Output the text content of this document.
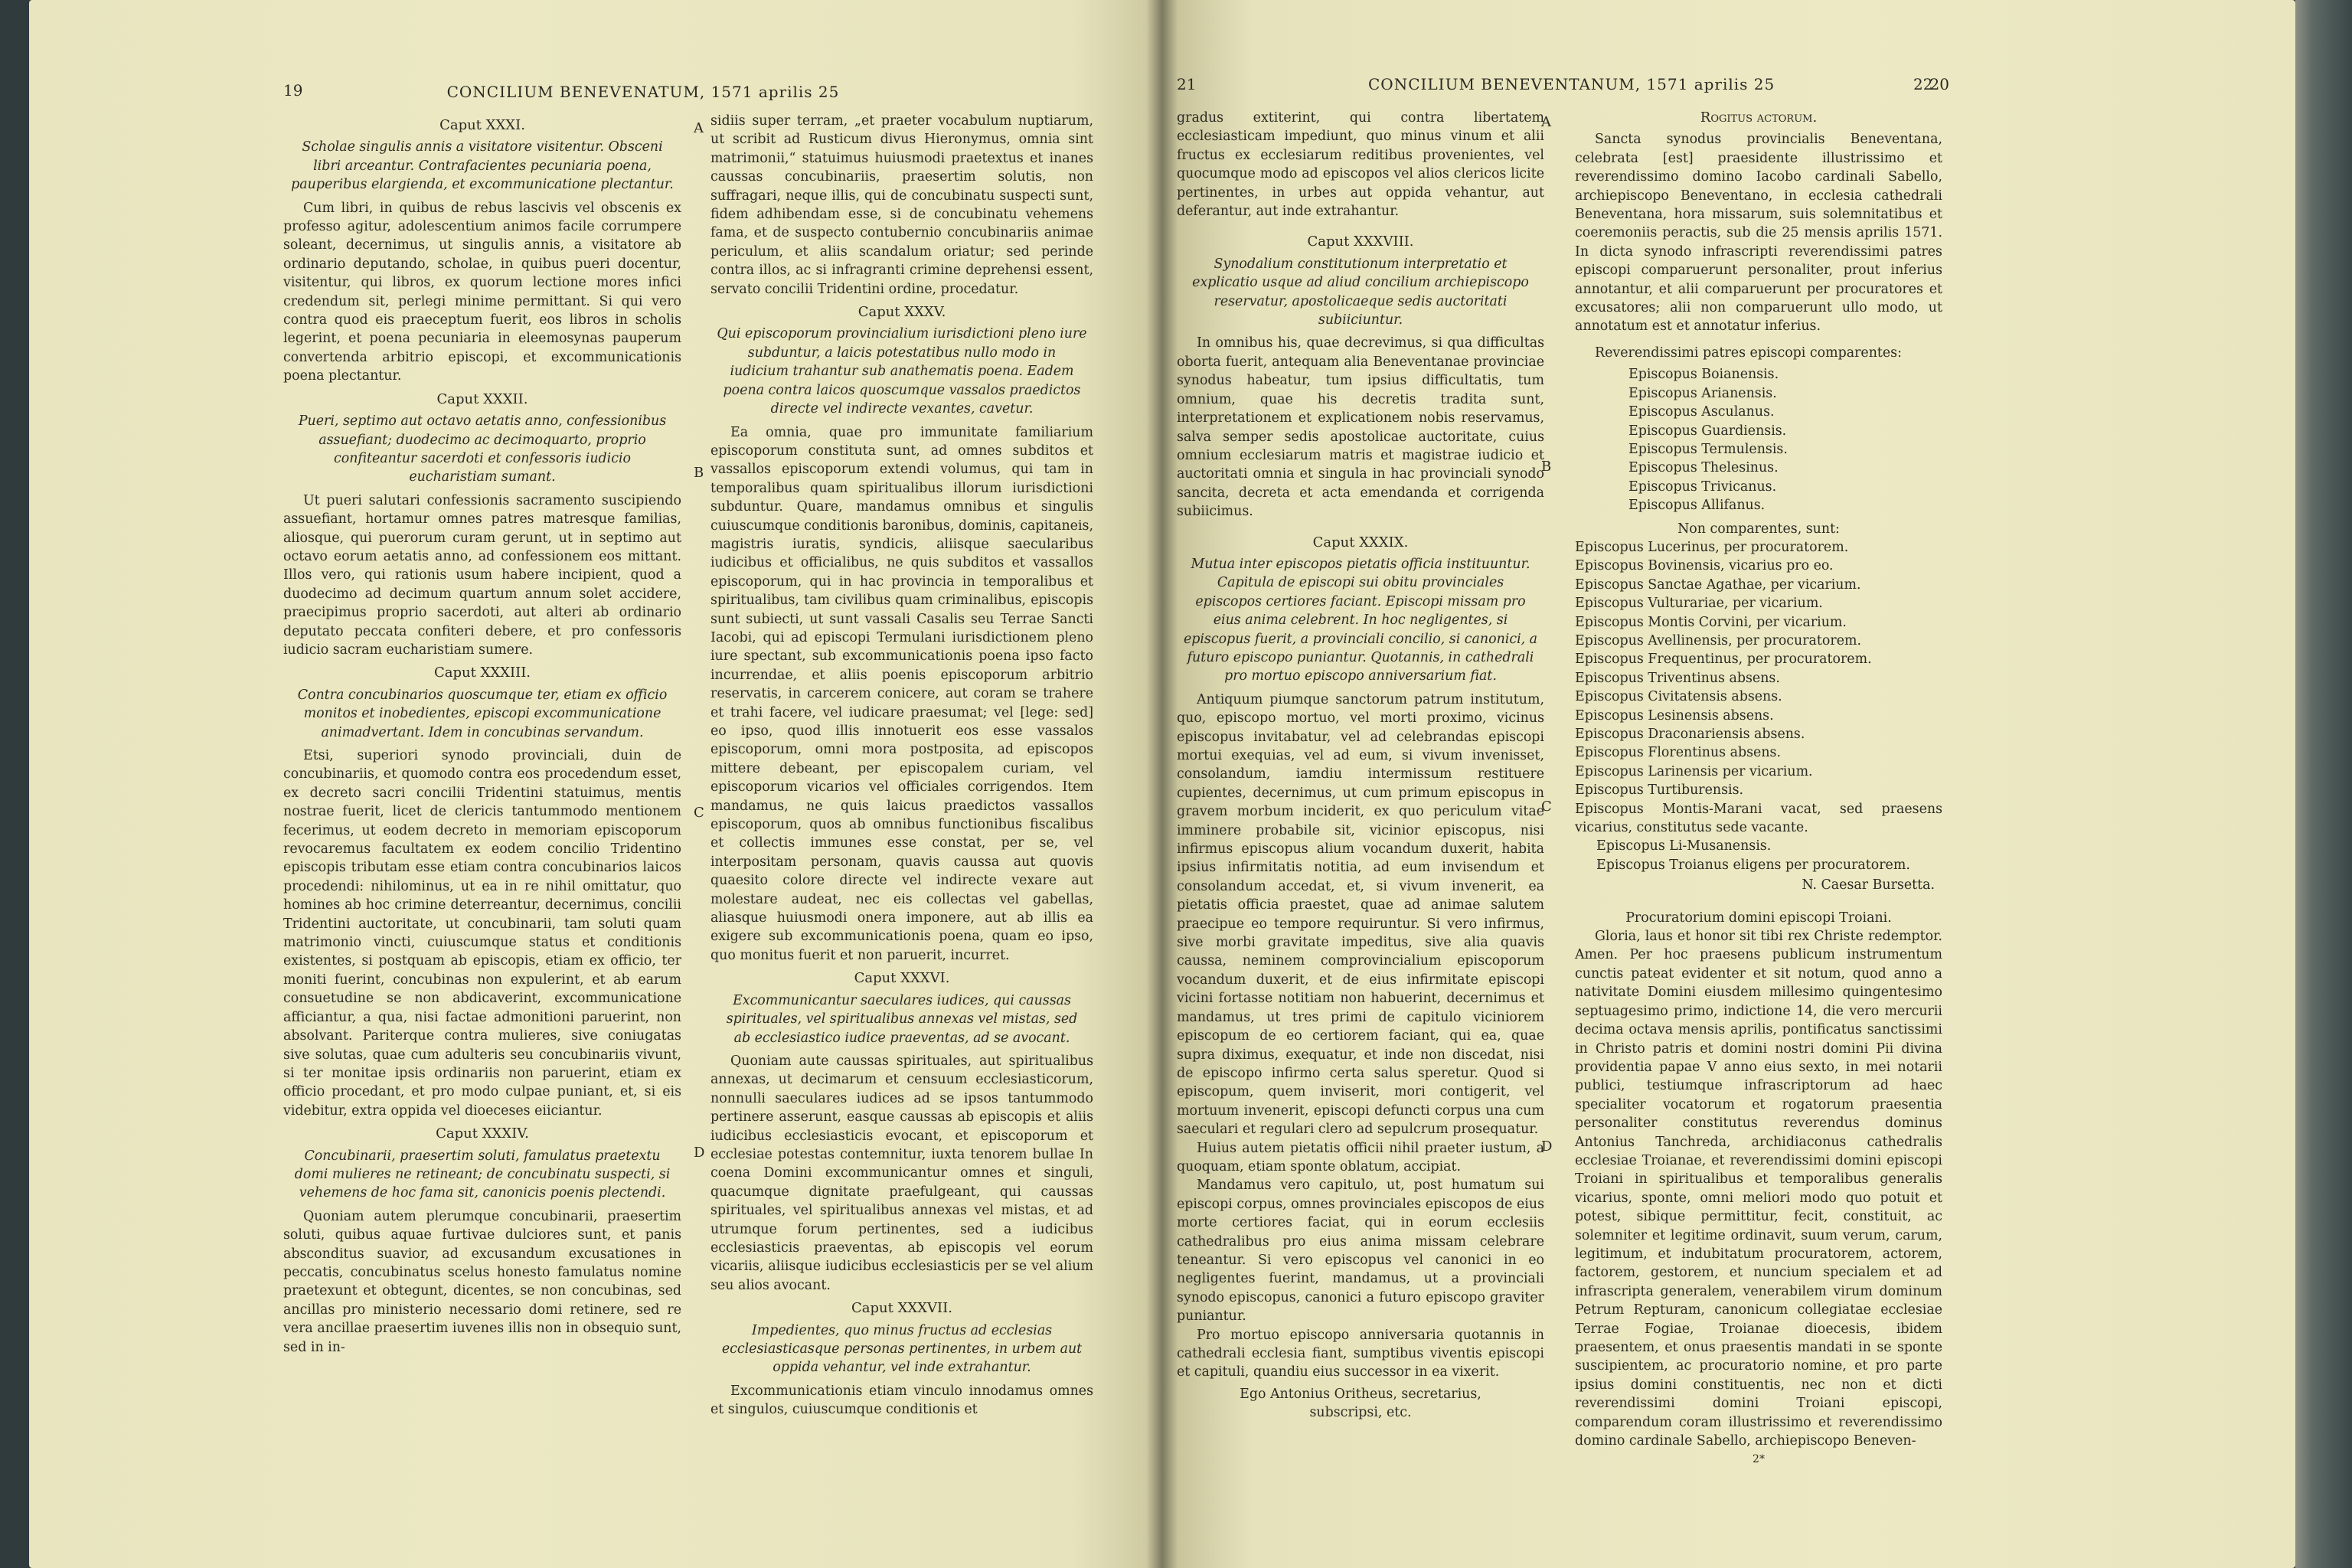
19	CONCILIUM BENEVENATUM, 1571 aprilis 25	20
Caput XXXI.
Scholae singulis annis a visitatore visitentur. Obsceni libri arceantur. Contrafacientes pecuniaria poena, pauperibus elargienda, et excommunicatione plectantur.

Cum libri, in quibus de rebus lascivis vel obscenis ex professo agitur, adolescentium animos facile corrumpere soleant, decernimus, ut singulis annis, a visitatore ab ordinario deputando, scholae, in quibus pueri docentur, visitentur, qui libros, ex quorum lectione mores infici credendum sit, perlegi minime permittant. Si qui vero contra quod eis praeceptum fuerit, eos libros in scholis legerint, et poena pecuniaria in eleemosynas pauperum convertenda arbitrio episcopi, et excommunicationis poena plectantur.

Caput XXXII.
Pueri, septimo aut octavo aetatis anno, confessionibus assuefiant; duodecimo ac decimoquarto, proprio confiteantur sacerdoti et confessoris iudicio eucharistiam sumant.

Ut pueri salutari confessionis sacramento suscipiendo assuefiant, hortamur omnes patres matresque familias, aliosque, qui puerorum curam gerunt, ut in septimo aut octavo eorum aetatis anno, ad confessionem eos mittant. Illos vero, qui rationis usum habere incipient, quod a duodecimo ad decimum quartum annum solet accidere, praecipimus proprio sacerdoti, aut alteri ab ordinario deputato peccata confiteri debere, et pro confessoris iudicio sacram eucharistiam sumere.

Caput XXXIII.
Contra concubinarios quoscumque ter, etiam ex officio monitos et inobedientes, episcopi excommunicatione animadvertant. Idem in concubinas servandum.

Etsi, superiori synodo provinciali, duin de concubinariis, et quomodo contra eos procedendum esset, ex decreto sacri concilii Tridentini statuimus, mentis nostrae fuerit, licet de clericis tantummodo mentionem fecerimus, ut eodem decreto in memoriam episcoporum revocaremus facultatem ex eodem concilio Tridentino episcopis tributam esse etiam contra concubinarios laicos procedendi: nihilominus, ut ea in re nihil omittatur, quo homines ab hoc crimine deterreantur, decernimus, concilii Tridentini auctoritate, ut concubinarii, tam soluti quam matrimonio vincti, cuiuscumque status et conditionis existentes, si postquam ab episcopis, etiam ex officio, ter moniti fuerint, concubinas non expulerint, et ab earum consuetudine se non abdicaverint, excommunicatione afficiantur, a qua, nisi factae admonitioni paruerint, non absolvant. Pariterque contra mulieres, sive coniugatas sive solutas, quae cum adulteris seu concubinariis vivunt, si ter monitae ipsis ordinariis non paruerint, etiam ex officio procedant, et pro modo culpae puniant, et, si eis videbitur, extra oppida vel dioeceses eiiciantur.

Caput XXXIV.
Concubinarii, praesertim soluti, famulatus praetextu domi mulieres ne retineant; de concubinatu suspecti, si vehemens de hoc fama sit, canonicis poenis plectendi.

Quoniam autem plerumque concubinarii, praesertim soluti, quibus aquae furtivae dulciores sunt, et panis absconditus suavior, ad excusandum excusationes in peccatis, concubinatus scelus honesto famulatus nomine praetexunt et obtegunt, dicentes, se non concubinas, sed ancillas pro ministerio necessario domi retinere, sed re vera ancillae praesertim iuvenes illis non in obsequio sunt, sed in in-

A
B
C
D

sidiis super terram, „et praeter vocabulum nuptiarum, ut scribit ad Rusticum divus Hieronymus, omnia sint matrimonii,“ statuimus huiusmodi praetextus et inanes caussas concubinariis, praesertim solutis, non suffragari, neque illis, qui de concubinatu suspecti sunt, fidem adhibendam esse, si de concubinatu vehemens fama, et de suspecto contubernio concubinariis animae periculum, et aliis scandalum oriatur; sed perinde contra illos, ac si infragranti crimine deprehensi essent, servato concilii Tridentini ordine, procedatur.

Caput XXXV.
Qui episcoporum provincialium iurisdictioni pleno iure subduntur, a laicis potestatibus nullo modo in iudicium trahantur sub anathematis poena. Eadem poena contra laicos quoscumque vassalos praedictos directe vel indirecte vexantes, cavetur.

Ea omnia, quae pro immunitate familiarium episcoporum constituta sunt, ad omnes subditos et vassallos episcoporum extendi volumus, qui tam in temporalibus quam spiritualibus illorum iurisdictioni subduntur. Quare, mandamus omnibus et singulis cuiuscumque conditionis baronibus, dominis, capitaneis, magistris iuratis, syndicis, aliisque saecularibus iudicibus et officialibus, ne quis subditos et vassallos episcoporum, qui in hac provincia in temporalibus et spiritualibus, tam civilibus quam criminalibus, episcopis sunt subiecti, ut sunt vassali Casalis seu Terrae Sancti Iacobi, qui ad episcopi Termulani iurisdictionem pleno iure spectant, sub excommunicationis poena ipso facto incurrendae, et aliis poenis episcoporum arbitrio reservatis, in carcerem conicere, aut coram se trahere et trahi facere, vel iudicare praesumat; vel [lege: sed] eo ipso, quod illis innotuerit eos esse vassalos episcoporum, omni mora postposita, ad episcopos mittere debeant, per episcopalem curiam, vel episcoporum vicarios vel officiales corrigendos. Item mandamus, ne quis laicus praedictos vassallos episcoporum, quos ab omnibus functionibus fiscalibus et collectis immunes esse constat, per se, vel interpositam personam, quavis caussa aut quovis quaesito colore directe vel indirecte vexare aut molestare audeat, nec eis collectas vel gabellas, aliasque huiusmodi onera imponere, aut ab illis ea exigere sub excommunicationis poena, quam eo ipso, quo monitus fuerit et non paruerit, incurret.

Caput XXXVI.
Excommunicantur saeculares iudices, qui caussas spirituales, vel spiritualibus annexas vel mistas, sed ab ecclesiastico iudice praeventas, ad se avocant.

Quoniam aute caussas spirituales, aut spiritualibus annexas, ut decimarum et censuum ecclesiasticorum, nonnulli saeculares iudices ad se ipsos tantummodo pertinere asserunt, easque caussas ab episcopis et aliis iudicibus ecclesiasticis evocant, et episcoporum et ecclesiae potestas contemnitur, iuxta tenorem bullae In coena Domini excommunicantur omnes et singuli, quacumque dignitate praefulgeant, qui caussas spirituales, vel spiritualibus annexas vel mistas, et ad utrumque forum pertinentes, sed a iudicibus ecclesiasticis praeventas, ab episcopis vel eorum vicariis, aliisque iudicibus ecclesiasticis per se vel alium seu alios avocant.

Caput XXXVII.
Impedientes, quo minus fructus ad ecclesias ecclesiasticasque personas pertinentes, in urbem aut oppida vehantur, vel inde extrahantur.

Excommunicationis etiam vinculo innodamus omnes et singulos, cuiuscumque conditionis et

21	CONCILIUM BENEVENTANUM, 1571 aprilis 25	22

gradus extiterint, qui contra libertatem ecclesiasticam impediunt, quo minus vinum et alii fructus ex ecclesiarum reditibus provenientes, vel quocumque modo ad episcopos vel alios clericos licite pertinentes, in urbes aut oppida vehantur, aut deferantur, aut inde extrahantur.

Caput XXXVIII.
Synodalium constitutionum interpretatio et explicatio usque ad aliud concilium archiepiscopo reservatur, apostolicaeque sedis auctoritati subiiciuntur.

In omnibus his, quae decrevimus, si qua difficultas oborta fuerit, antequam alia Beneventanae provinciae synodus habeatur, tum ipsius difficultatis, tum omnium, quae his decretis tradita sunt, interpretationem et explicationem nobis reservamus, salva semper sedis apostolicae auctoritate, cuius omnium ecclesiarum matris et magistrae iudicio et auctoritati omnia et singula in hac provinciali synodo sancita, decreta et acta emendanda et corrigenda subiicimus.

Caput XXXIX.
Mutua inter episcopos pietatis officia instituuntur. Capitula de episcopi sui obitu provinciales episcopos certiores faciant. Episcopi missam pro eius anima celebrent. In hoc negligentes, si episcopus fuerit, a provinciali concilio, si canonici, a futuro episcopo puniantur. Quotannis, in cathedrali pro mortuo episcopo anniversarium fiat.

Antiquum piumque sanctorum patrum institutum, quo, episcopo mortuo, vel morti proximo, vicinus episcopus invitabatur, vel ad celebrandas episcopi mortui exequias, vel ad eum, si vivum invenisset, consolandum, iamdiu intermissum restituere cupientes, decernimus, ut cum primum episcopus in gravem morbum inciderit, ex quo periculum vitae imminere probabile sit, vicinior episcopus, nisi infirmus episcopus alium vocandum duxerit, habita ipsius infirmitatis notitia, ad eum invisendum et consolandum accedat, et, si vivum invenerit, ea pietatis officia praestet, quae ad animae salutem praecipue eo tempore requiruntur. Si vero infirmus, sive morbi gravitate impeditus, sive alia quavis caussa, neminem comprovincialium episcoporum vocandum duxerit, et de eius infirmitate episcopi vicini fortasse notitiam non habuerint, decernimus et mandamus, ut tres primi de capitulo viciniorem episcopum de eo certiorem faciant, qui ea, quae supra diximus, exequatur, et inde non discedat, nisi de episcopo infirmo certa salus speretur. Quod si episcopum, quem inviserit, mori contigerit, vel mortuum invenerit, episcopi defuncti corpus una cum saeculari et regulari clero ad sepulcrum prosequatur.

Huius autem pietatis officii nihil praeter iustum, a quoquam, etiam sponte oblatum, accipiat.

Mandamus vero capitulo, ut, post humatum sui episcopi corpus, omnes provinciales episcopos de eius morte certiores faciat, qui in eorum ecclesiis cathedralibus pro eius anima missam celebrare teneantur. Si vero episcopus vel canonici in eo negligentes fuerint, mandamus, ut a provinciali synodo episcopus, canonici a futuro episcopo graviter puniantur.

Pro mortuo episcopo anniversaria quotannis in cathedrali ecclesia fiant, sumptibus viventis episcopi et capituli, quandiu eius successor in ea vixerit.

Ego Antonius Oritheus, secretarius,
subscripsi, etc.
A
B
C
D
Rogitus actorum.

Sancta synodus provincialis Beneventana, celebrata [est] praesidente illustrissimo et reverendissimo domino Iacobo cardinali Sabello, archiepiscopo Beneventano, in ecclesia cathedrali Beneventana, hora missarum, suis solemnitatibus et coeremoniis peractis, sub die 25 mensis aprilis 1571. In dicta synodo infrascripti reverendissimi patres episcopi comparuerunt personaliter, prout inferius annotantur, et alii comparuerunt per procuratores et excusatores; alii non comparuerunt ullo modo, ut annotatum est et annotatur inferius.

Reverendissimi patres episcopi comparentes:

Episcopus Boianensis.
Episcopus Arianensis.
Episcopus Asculanus.
Episcopus Guardiensis.
Episcopus Termulensis.
Episcopus Thelesinus.
Episcopus Trivicanus.
Episcopus Allifanus.
Non comparentes, sunt:
Episcopus Lucerinus, per procuratorem.
Episcopus Bovinensis, vicarius pro eo.
Episcopus Sanctae Agathae, per vicarium.
Episcopus Vulturariae, per vicarium.
Episcopus Montis Corvini, per vicarium.
Episcopus Avellinensis, per procuratorem.
Episcopus Frequentinus, per procuratorem.
Episcopus Triventinus absens.
Episcopus Civitatensis absens.
Episcopus Lesinensis absens.
Episcopus Draconariensis absens.
Episcopus Florentinus absens.
Episcopus Larinensis per vicarium.
Episcopus Turtiburensis.
Episcopus Montis-Marani vacat, sed praesens vicarius, constitutus sede vacante.
Episcopus Li-Musanensis.
Episcopus Troianus eligens per procuratorem.
N. Caesar Bursetta.
Procuratorium domini episcopi Troiani.

Gloria, laus et honor sit tibi rex Christe redemptor. Amen. Per hoc praesens publicum instrumentum cunctis pateat evidenter et sit notum, quod anno a nativitate Domini eiusdem millesimo quingentesimo septuagesimo primo, indictione 14, die vero mercurii decima octava mensis aprilis, pontificatus sanctissimi in Christo patris et domini nostri domini Pii divina providentia papae V anno eius sexto, in mei notarii publici, testiumque infrascriptorum ad haec specialiter vocatorum et rogatorum praesentia personaliter constitutus reverendus dominus Antonius Tanchreda, archidiaconus cathedralis ecclesiae Troianae, et reverendissimi domini episcopi Troiani in spiritualibus et temporalibus generalis vicarius, sponte, omni meliori modo quo potuit et potest, sibique permittitur, fecit, constituit, ac solemniter et legitime ordinavit, suum verum, carum, legitimum, et indubitatum procuratorem, actorem, factorem, gestorem, et nuncium specialem et ad infrascripta generalem, venerabilem virum dominum Petrum Repturam, canonicum collegiatae ecclesiae Terrae Fogiae, Troianae dioecesis, ibidem praesentem, et onus praesentis mandati in se sponte suscipientem, ac procuratorio nomine, et pro parte ipsius domini constituentis, nec non et dicti reverendissimi domini Troiani episcopi, comparendum coram illustrissimo et reverendissimo domino cardinale Sabello, archiepiscopo Beneven-

2*
